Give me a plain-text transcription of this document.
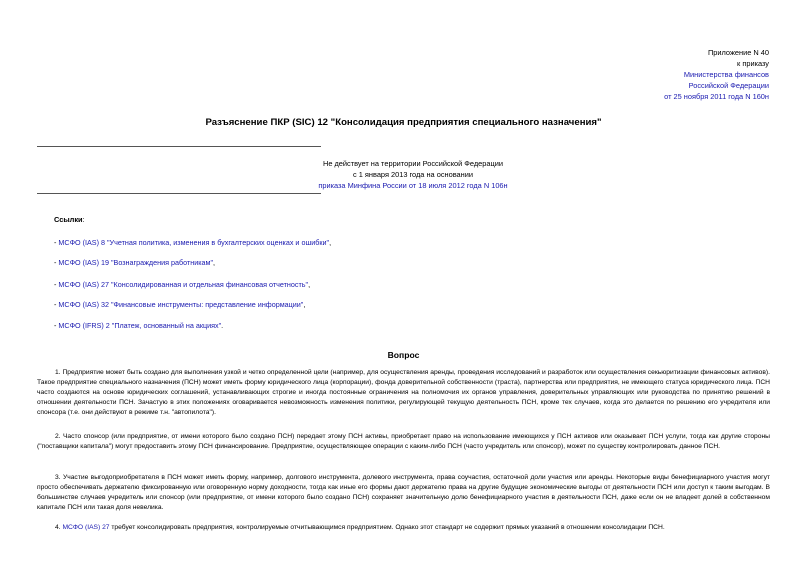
Приложение N 40
к приказу
Министерства финансов
Российской Федерации
от 25 ноября 2011 года N 160н
Разъяснение ПКР (SIC) 12 "Консолидация предприятия специального назначения"
Не действует на территории Российской Федерации
с 1 января 2013 года на основании
приказа Минфина России от 18 июля 2012 года N 106н
Ссылки:
- МСФО (IAS) 8 "Учетная политика, изменения в бухгалтерских оценках и ошибки",
- МСФО (IAS) 19 "Вознаграждения работникам",
- МСФО (IAS) 27 "Консолидированная и отдельная финансовая отчетность",
- МСФО (IAS) 32 "Финансовые инструменты: представление информации",
- МСФО (IFRS) 2 "Платеж, основанный на акциях".
Вопрос
1. Предприятие может быть создано для выполнения узкой и четко определенной цели (например, для осуществления аренды, проведения исследований и разработок или осуществления секьюритизации финансовых активов). Такое предприятие специального назначения (ПСН) может иметь форму юридического лица (корпорации), фонда доверительной собственности (траста), партнерства или предприятия, не имеющего статуса юридического лица. ПСН часто создаются на основе юридических соглашений, устанавливающих строгие и иногда постоянные ограничения на полномочия их органов управления, доверительных управляющих или руководства по принятию решений в отношении деятельности ПСН. Зачастую в этих положениях оговаривается невозможность изменения политики, регулирующей текущую деятельность ПСН, кроме тех случаев, когда это делается по решению его учредителя или спонсора (т.е. они действуют в режиме т.н. "автопилота").
2. Часто спонсор (или предприятие, от имени которого было создано ПСН) передает этому ПСН активы, приобретает право на использование имеющихся у ПСН активов или оказывает ПСН услуги, тогда как другие стороны ("поставщики капитала") могут предоставить этому ПСН финансирование. Предприятие, осуществляющее операции с каким-либо ПСН (часто учредитель или спонсор), может по существу контролировать данное ПСН.
3. Участие выгодоприобретателя в ПСН может иметь форму, например, долгового инструмента, долевого инструмента, права соучастия, остаточной доли участия или аренды. Некоторые виды бенефициарного участия могут просто обеспечивать держателю фиксированную или оговоренную норму доходности, тогда как иные его формы дают держателю права на другие будущие экономические выгоды от деятельности ПСН или доступ к таким выгодам. В большинстве случаев учредитель или спонсор (или предприятие, от имени которого было создано ПСН) сохраняет значительную долю бенефициарного участия в деятельности ПСН, даже если он не владеет долей в собственном капитале ПСН или такая доля невелика.
4. МСФО (IAS) 27 требует консолидировать предприятия, контролируемые отчитывающимся предприятием. Однако этот стандарт не содержит прямых указаний в отношении консолидации ПСН.
